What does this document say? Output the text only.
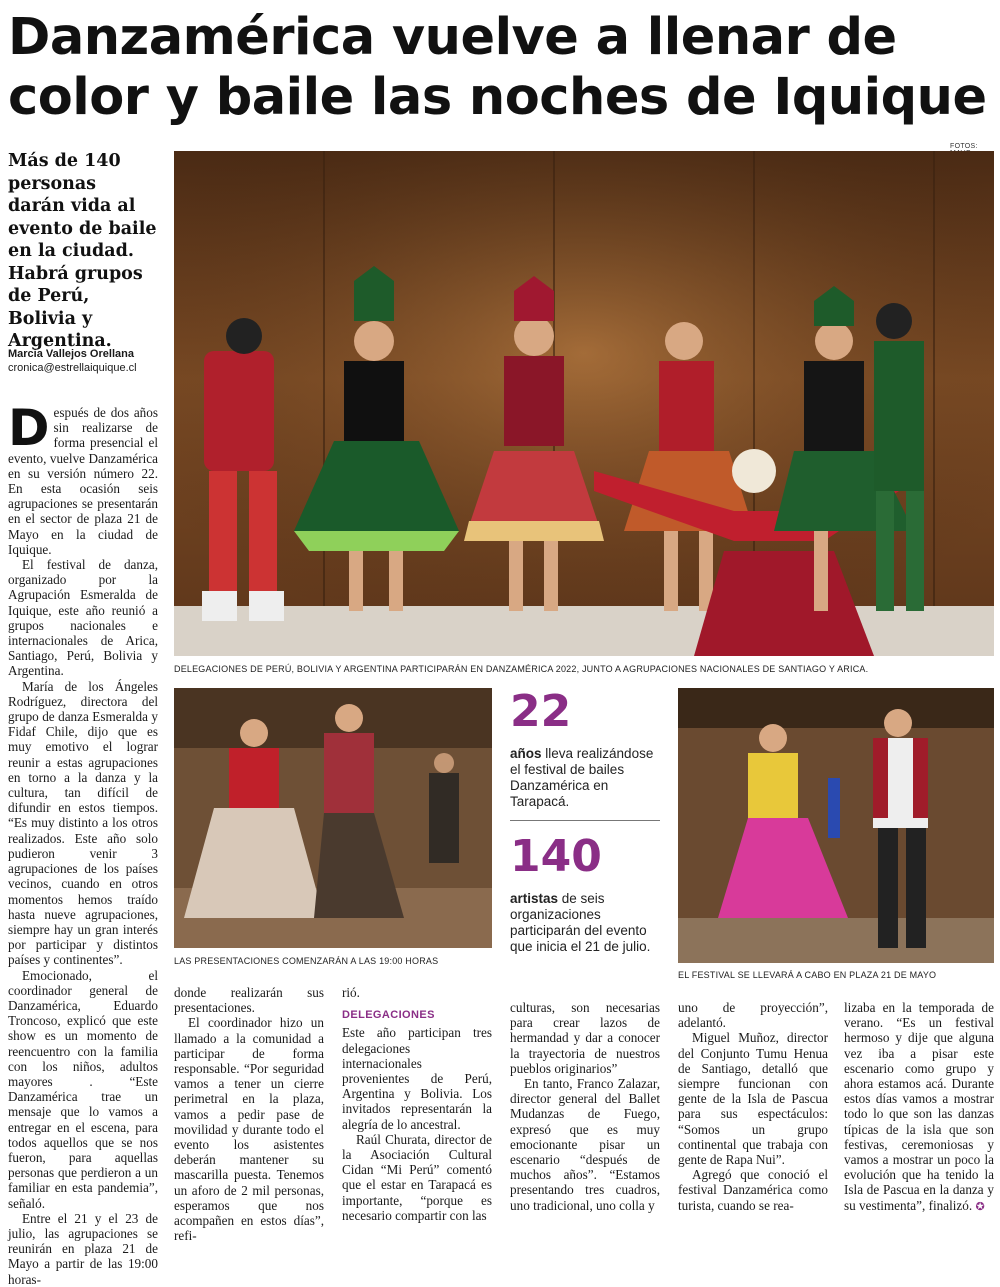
Danzamérica vuelve a llenar de color y baile las noches de Iquique
FOTOS:

Más de 140 personas darán vida al evento de baile en la ciudad. Habrá grupos de Perú, Bolivia y Argentina.

Marcia Vallejos Orellana
cronica@estrellaiquique.cl
DELEGACIONES DE PERÚ, BOLIVIA Y ARGENTINA PARTICIPARÁN EN DANZAMÉRICA 2022, JUNTO A AGRUPACIONES NACIONALES DE SANTIAGO Y ARICA.
LAS PRESENTACIONES COMENZARÁN A LAS 19:00 HORAS
22
años lleva realizándose el festival de bailes Danzamérica en Tarapacá.
140
artistas de seis organizaciones participarán del evento que inicia el 21 de julio.
EL FESTIVAL SE LLEVARÁ A CABO EN PLAZA 21 DE MAYO

Después de dos años sin realizarse de forma presencial el evento, vuelve Danzamérica en su versión número 22. En esta ocasión seis agrupaciones se presentarán en el sector de plaza 21 de Mayo en la ciudad de Iquique.

El festival de danza, organizado por la Agrupación Esmeralda de Iquique, este año reunió a grupos nacionales e internacionales de Arica, Santiago, Perú, Bolivia y Argentina.

María de los Ángeles Rodríguez, directora del grupo de danza Esmeralda y Fidaf Chile, dijo que es muy emotivo el lograr reunir a estas agrupaciones en torno a la danza y la cultura, tan difícil de difundir en estos tiempos. “Es muy distinto a los otros realizados. Este año solo pudieron venir 3 agrupaciones de los países vecinos, cuando en otros momentos hemos traído hasta nueve agrupaciones, siempre hay un gran interés por participar y distintos países y continentes”.

Emocionado, el coordinador general de Danzamérica, Eduardo Troncoso, explicó que este show es un momento de reencuentro con la familia con los niños, adultos mayores . “Este Danzamérica trae un mensaje que lo vamos a entregar en el escena, para todos aquellos que se nos fueron, para aquellas personas que perdieron a un familiar en esta pandemia”, señaló.

Entre el 21 y el 23 de julio, las agrupaciones se reunirán en plaza 21 de Mayo a partir de las 19:00 horas-

donde realizarán sus presentaciones.

El coordinador hizo un llamado a la comunidad a participar de forma responsable. “Por seguridad vamos a tener un cierre perimetral en la plaza, vamos a pedir pase de movilidad y durante todo el evento los asistentes deberán mantener su mascarilla puesta. Tenemos un aforo de 2 mil personas, esperamos que nos acompañen en estos días”, refi-

rió.

DELEGACIONES

Este año participan tres delegaciones internacionales provenientes de Perú, Argentina y Bolivia. Los invitados representarán la alegría de lo ancestral.

Raúl Churata, director de la Asociación Cultural Cidan “Mi Perú” comentó que el estar en Tarapacá es importante, “porque es necesario compartir con las

culturas, son necesarias para crear lazos de hermandad y dar a conocer la trayectoria de nuestros pueblos originarios”

En tanto, Franco Zalazar, director general del Ballet Mudanzas de Fuego, expresó que es muy emocionante pisar un escenario “después de muchos años”. “Estamos presentando tres cuadros, uno tradicional, uno colla y

uno de proyección”, adelantó.

Miguel Muñoz, director del Conjunto Tumu Henua de Santiago, detalló que siempre funcionan con gente de la Isla de Pascua para sus espectáculos: “Somos un grupo continental que trabaja con gente de Rapa Nui”.

Agregó que conoció el festival Danzamérica como turista, cuando se rea-

lizaba en la temporada de verano. “Es un festival hermoso y dije que alguna vez iba a pisar este escenario como grupo y ahora estamos acá. Durante estos días vamos a mostrar todo lo que son las danzas típicas de la isla que son festivas, ceremoniosas y vamos a mostrar un poco la evolución que ha tenido la Isla de Pascua en la danza y su vestimenta”, finalizó. ✪
